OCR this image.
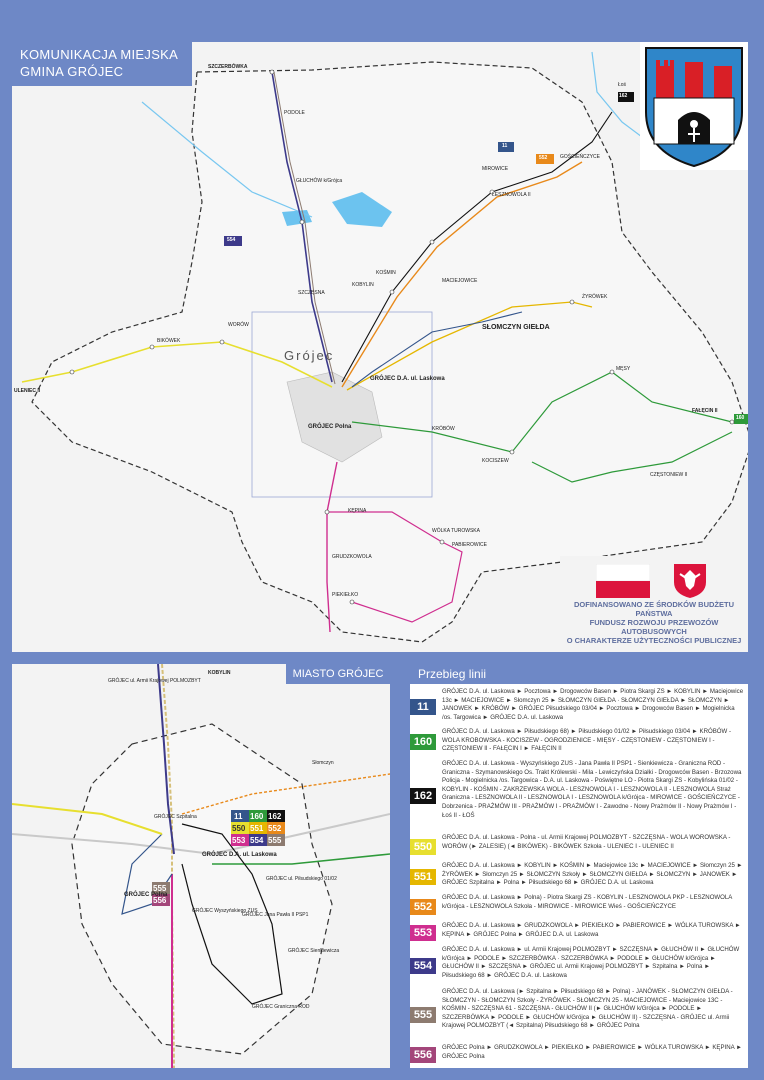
SZCZERBÓWKA
Łoś
162
ULENIEC II
FAŁĘCIN II
160
SŁOMCZYN GIEŁDA
GOŚCIEŃCZYCE
552
554
11
Grójec
GRÓJEC D.A. ul. Laskowa
GRÓJEC Polna
KĘPINA
WÓLKA TUROWSKA
PABIEROWICE
GRUDZKOWOLA
PIEKIEŁKO
CZĘSTONIEW II
MĘSY
KRÓBÓW
KOCISZEW
ŻYRÓWEK
BIKÓWEK
WORÓW
SZCZĘSNA
KOBYLIN
KOŚMIN
MACIEJOWICE
MIROWICE
LESZNOWOLA II
PODOLE
GŁUCHÓW k/Grójca
KOMUNIKACJA MIEJSKA
GMINA GRÓJEC
DOFINANSOWANO ZE ŚRODKÓW BUDŻETU PAŃSTWA
FUNDUSZ ROZWOJU PRZEWOZÓW AUTOBUSOWYCH
O CHARAKTERZE UŻYTECZNOŚCI PUBLICZNEJ
11 160 162
550 551 552
553 554 555
555
556
KOBYLIN
Słomczyn
GRÓJEC D.A. ul. Laskowa
GRÓJEC Polna
GRÓJEC ul. Armii Krajowej POLMOZBYT
GRÓJEC Szpitalna
GRÓJEC Graniczna ROD
GRÓJEC Sienkiewicza
GRÓJEC Wyszyńskiego ZUS
GRÓJEC ul. Piłsudskiego 01/02
GRÓJEC Jana Pawła II PSP1
MIASTO GRÓJEC	Przebieg linii
11
GRÓJEC D.A. ul. Laskowa ► Pocztowa ► Drogowców Basen ► Piotra Skargi ZS ► KOBYLIN ► Maciejowice 13c ► MACIEJOWICE ► Słomczyn 25 ► SŁOMCZYN GIEŁDA · SŁOMCZYN GIEŁDA ► SŁOMCZYN ► JANOWEK ► KRÓBÓW ► GRÓJEC Piłsudskiego 03/04 ► Pocztowa ► Drogowców Basen ► Mogielnicka /os. Targowica ► GRÓJEC D.A. ul. Laskowa
160
GRÓJEC D.A. ul. Laskowa ► Piłsudskiego 68) ► Piłsudskiego 01/02 ► Piłsudskiego 03/04 ► KRÓBÓW - WOLA KROBOWSKA - KOCISZEW - OGRODZIENICE - MIĘSY - CZĘSTONIEW - CZĘSTONIEW I - CZĘSTONIEW II - FAŁĘCIN I ► FAŁĘCIN II
162
GRÓJEC D.A. ul. Laskowa - Wyszyńskiego ZUS - Jana Pawła II PSP1 - Sienkiewicza - Graniczna ROD - Graniczna - Szymanowskiego Os. Trakt Królewski - Mila - Lewiczyńska Działki - Drogowców Basen - Brzozowa Policja - Mogielnicka /os. Targowica - D.A. ul. Laskowa - Poświętne LO - Piotra Skargi ZS - Kobylińska 01/02 - KOBYLIN - KOŚMIN - ZAKRZEWSKA WOLA - LESZNOWOLA I - LESZNOWOLA II - LESZNOWOLA Straż Graniczna - LESZNOWOLA II - LESZNOWOLA I - LESZNOWOLA k/Grójca - MIROWICE - GOŚCIEŃCZYCE - Dobrzenica - PRAŻMÓW III - PRAŻMÓW I - PRAŻMÓW I - Zawodne - Nowy Prażmów II - Nowy Prażmów I - Łoś II - ŁOŚ
550
GRÓJEC D.A. ul. Laskowa - Polna - ul. Armii Krajowej POLMOZBYT - SZCZĘSNA - WOLA WOROWSKA - WORÓW (► ZALESIE) (◄ BIKÓWEK) - BIKÓWEK Szkoła - ULENIEC I - ULENIEC II
551
GRÓJEC D.A. ul. Laskowa ► KOBYLIN ► KOŚMIN ► Maciejowice 13c ► MACIEJOWICE ► Słomczyn 25 ► ŻYRÓWEK ► Słomczyn 25 ► SŁOMCZYN Szkoły ► SŁOMCZYN GIEŁDA ► SŁOMCZYN ► JANOWEK ► GRÓJEC Szpitalna ► Polna ► Piłsudskiego 68 ► GRÓJEC D.A. ul. Laskowa
552
GRÓJEC D.A. ul. Laskowa ► Polna) - Piotra Skargi ZS - KOBYLIN - LESZNOWOLA PKP - LESZNOWOLA k/Grójca - LESZNOWOLA Szkoła - MIROWICE - MIROWICE Wieś - GOŚCIEŃCZYCE
553
GRÓJEC D.A. ul. Laskowa ► GRUDZKOWOLA ► PIEKIEŁKO ► PABIEROWICE ► WÓLKA TUROWSKA ► KĘPINA ► GRÓJEC Polna ► GRÓJEC D.A. ul. Laskowa
554
GRÓJEC D.A. ul. Laskowa ► ul. Armii Krajowej POLMOZBYT ► SZCZĘSNA ► GŁUCHÓW II ► GŁUCHÓW k/Grójca ► PODOLE ► SZCZERBÓWKA · SZCZERBÓWKA ► PODOLE ► GŁUCHÓW k/Grójca ► GŁUCHÓW II ► SZCZĘSNA ► GRÓJEC ul. Armii Krajowej POLMOZBYT ► Szpitalna ► Polna ► Piłsudskiego 68 ► GRÓJEC D.A. ul. Laskowa
555
GRÓJEC D.A. ul. Laskowa (► Szpitalna ► Piłsudskiego 68 ► Polna) - JANÓWEK - SŁOMCZYN GIEŁDA - SŁOMCZYN - SŁOMCZYN Szkoły - ŻYRÓWEK - SŁOMCZYN 25 - MACIEJOWICE - Maciejowice 13C - KOŚMIN - SZCZĘSNA 61 - SZCZĘSNA - GŁUCHÓW II (► GŁUCHÓW k/Grójca ► PODOLE ► SZCZERBÓWKA ► PODOLE ► GŁUCHÓW k/Grójca ► GŁUCHÓW II) - SZCZĘSNA - GRÓJEC ul. Armii Krajowej POLMOZBYT (◄ Szpitalna) Piłsudskiego 68 ► GRÓJEC Polna
556
GRÓJEC Polna ► GRUDZKOWOLA ► PIEKIEŁKO ► PABIEROWICE ► WÓLKA TUROWSKA ► KĘPINA ► GRÓJEC Polna
